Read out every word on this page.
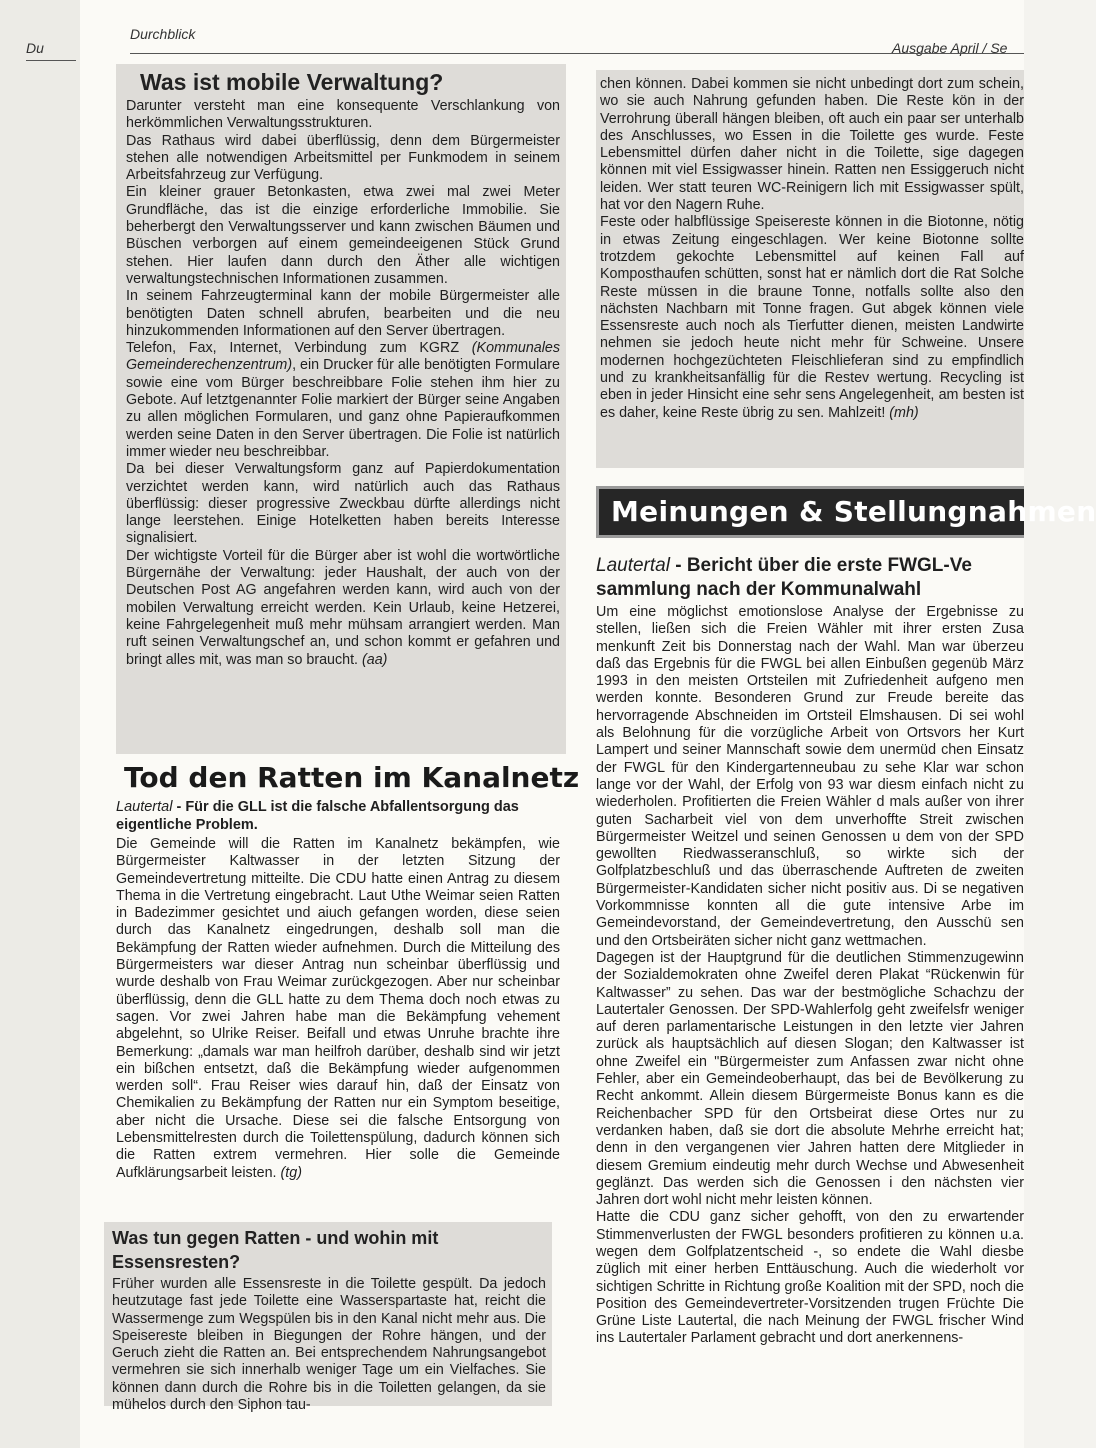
Du
Durchblick
Ausgabe April / Se
Was ist mobile Verwaltung?

Darunter versteht man eine konsequente Verschlankung von herkömmlichen Verwaltungsstrukturen.

Das Rathaus wird dabei überflüssig, denn dem Bürgermeister stehen alle notwendigen Arbeitsmittel per Funkmodem in seinem Arbeitsfahrzeug zur Verfügung.

Ein kleiner grauer Betonkasten, etwa zwei mal zwei Meter Grundfläche, das ist die einzige erforderliche Immobilie. Sie beherbergt den Verwaltungsserver und kann zwischen Bäumen und Büschen verborgen auf einem gemeindeeigenen Stück Grund stehen. Hier laufen dann durch den Äther alle wichtigen verwaltungstechnischen Informationen zusammen.

In seinem Fahrzeugterminal kann der mobile Bürgermeister alle benötigten Daten schnell abrufen, bearbeiten und die neu hinzukommenden Informationen auf den Server übertragen.

Telefon, Fax, Internet, Verbindung zum KGRZ (Kommunales Gemeinderechenzentrum), ein Drucker für alle benötigten Formulare sowie eine vom Bürger beschreibbare Folie stehen ihm hier zu Gebote. Auf letztgenannter Folie markiert der Bürger seine Angaben zu allen möglichen Formularen, und ganz ohne Papieraufkommen werden seine Daten in den Server übertragen. Die Folie ist natürlich immer wieder neu beschreibbar.

Da bei dieser Verwaltungsform ganz auf Papierdokumentation verzichtet werden kann, wird natürlich auch das Rathaus überflüssig: dieser progressive Zweckbau dürfte allerdings nicht lange leerstehen. Einige Hotelketten haben bereits Interesse signalisiert.

Der wichtigste Vorteil für die Bürger aber ist wohl die wortwörtliche Bürgernähe der Verwaltung: jeder Haushalt, der auch von der Deutschen Post AG angefahren werden kann, wird auch von der mobilen Verwaltung erreicht werden. Kein Urlaub, keine Hetzerei, keine Fahrgelegenheit muß mehr mühsam arrangiert werden. Man ruft seinen Verwaltungschef an, und schon kommt er gefahren und bringt alles mit, was man so braucht. (aa)

Tod den Ratten im Kanalnetz

Lautertal - Für die GLL ist die falsche Abfallentsorgung das eigentliche Problem.

Die Gemeinde will die Ratten im Kanalnetz bekämpfen, wie Bürgermeister Kaltwasser in der letzten Sitzung der Gemeindevertretung mitteilte. Die CDU hatte einen Antrag zu diesem Thema in die Vertretung eingebracht. Laut Uthe Weimar seien Ratten in Badezimmer gesichtet und aiuch gefangen worden, diese seien durch das Kanalnetz eingedrungen, deshalb soll man die Bekämpfung der Ratten wieder aufnehmen. Durch die Mitteilung des Bürgermeisters war dieser Antrag nun scheinbar überflüssig und wurde deshalb von Frau Weimar zurückgezogen. Aber nur scheinbar überflüssig, denn die GLL hatte zu dem Thema doch noch etwas zu sagen. Vor zwei Jahren habe man die Bekämpfung vehement abgelehnt, so Ulrike Reiser. Beifall und etwas Unruhe brachte ihre Bemerkung: „damals war man heilfroh darüber, deshalb sind wir jetzt ein bißchen entsetzt, daß die Bekämpfung wieder aufgenommen werden soll“. Frau Reiser wies darauf hin, daß der Einsatz von Chemikalien zu Bekämpfung der Ratten nur ein Symptom beseitige, aber nicht die Ursache. Diese sei die falsche Entsorgung von Lebensmittelresten durch die Toilettenspülung, dadurch können sich die Ratten extrem vermehren. Hier solle die Gemeinde Aufklärungsarbeit leisten. (tg)

Was tun gegen Ratten - und wohin mit Essensresten?

Früher wurden alle Essensreste in die Toilette gespült. Da jedoch heutzutage fast jede Toilette eine Wasserspartaste hat, reicht die Wassermenge zum Wegspülen bis in den Kanal nicht mehr aus. Die Speisereste bleiben in Biegungen der Rohre hängen, und der Geruch zieht die Ratten an. Bei entsprechendem Nahrungsangebot vermehren sie sich innerhalb weniger Tage um ein Vielfaches. Sie können dann durch die Rohre bis in die Toiletten gelangen, da sie mühelos durch den Siphon tau-

chen können. Dabei kommen sie nicht unbedingt dort zum schein, wo sie auch Nahrung gefunden haben. Die Reste kön in der Verrohrung überall hängen bleiben, oft auch ein paar ser unterhalb des Anschlusses, wo Essen in die Toilette ges wurde. Feste Lebensmittel dürfen daher nicht in die Toilette, sige dagegen können mit viel Essigwasser hinein. Ratten nen Essiggeruch nicht leiden. Wer statt teuren WC-Reinigern lich mit Essigwasser spült, hat vor den Nagern Ruhe.

Feste oder halbflüssige Speisereste können in die Biotonne, nötig in etwas Zeitung eingeschlagen. Wer keine Biotonne sollte trotzdem gekochte Lebensmittel auf keinen Fall auf Komposthaufen schütten, sonst hat er nämlich dort die Rat Solche Reste müssen in die braune Tonne, notfalls sollte also den nächsten Nachbarn mit Tonne fragen. Gut abgek können viele Essensreste auch noch als Tierfutter dienen, meisten Landwirte nehmen sie jedoch heute nicht mehr für Schweine. Unsere modernen hochgezüchteten Fleischlieferan sind zu empfindlich und zu krankheitsanfällig für die Restev wertung. Recycling ist eben in jeder Hinsicht eine sehr sens Angelegenheit, am besten ist es daher, keine Reste übrig zu sen. Mahlzeit! (mh)

Meinungen & Stellungnahmen
Lautertal - Bericht über die erste FWGL-Ve
sammlung nach der Kommunalwahl

Um eine möglichst emotionslose Analyse der Ergebnisse zu stellen, ließen sich die Freien Wähler mit ihrer ersten Zusa menkunft Zeit bis Donnerstag nach der Wahl. Man war überzeu daß das Ergebnis für die FWGL bei allen Einbußen gegenüb März 1993 in den meisten Ortsteilen mit Zufriedenheit aufgeno men werden konnte. Besonderen Grund zur Freude bereite das hervorragende Abschneiden im Ortsteil Elmshausen. Di sei wohl als Belohnung für die vorzügliche Arbeit von Ortsvors her Kurt Lampert und seiner Mannschaft sowie dem unermüd chen Einsatz der FWGL für den Kindergartenneubau zu sehe Klar war schon lange vor der Wahl, der Erfolg von 93 war diesm einfach nicht zu wiederholen. Profitierten die Freien Wähler d mals außer von ihrer guten Sacharbeit viel von dem unverhoffte Streit zwischen Bürgermeister Weitzel und seinen Genossen u dem von der SPD gewollten Riedwasseranschluß, so wirkte sich der Golfplatzbeschluß und das überraschende Auftreten de zweiten Bürgermeister-Kandidaten sicher nicht positiv aus. Di se negativen Vorkommnisse konnten all die gute intensive Arbe im Gemeindevorstand, der Gemeindevertretung, den Ausschü sen und den Ortsbeiräten sicher nicht ganz wettmachen.

Dagegen ist der Hauptgrund für die deutlichen Stimmenzugewinn der Sozialdemokraten ohne Zweifel deren Plakat “Rückenwin für Kaltwasser” zu sehen. Das war der bestmögliche Schachzu der Lautertaler Genossen. Der SPD-Wahlerfolg geht zweifelsfr weniger auf deren parlamentarische Leistungen in den letzte vier Jahren zurück als hauptsächlich auf diesen Slogan; den Kaltwasser ist ohne Zweifel ein "Bürgermeister zum Anfassen zwar nicht ohne Fehler, aber ein Gemeindeoberhaupt, das bei de Bevölkerung zu Recht ankommt. Allein diesem Bürgermeiste Bonus kann es die Reichenbacher SPD für den Ortsbeirat diese Ortes nur zu verdanken haben, daß sie dort die absolute Mehrhe erreicht hat; denn in den vergangenen vier Jahren hatten dere Mitglieder in diesem Gremium eindeutig mehr durch Wechse und Abwesenheit geglänzt. Das werden sich die Genossen i den nächsten vier Jahren dort wohl nicht mehr leisten können.

Hatte die CDU ganz sicher gehofft, von den zu erwartender Stimmenverlusten der FWGL besonders profitieren zu können u.a. wegen dem Golfplatzentscheid -, so endete die Wahl diesbe züglich mit einer herben Enttäuschung. Auch die wiederholt vor sichtigen Schritte in Richtung große Koalition mit der SPD, noch die Position des Gemeindevertreter-Vorsitzenden trugen Früchte Die Grüne Liste Lautertal, die nach Meinung der FWGL frischer Wind ins Lautertaler Parlament gebracht und dort anerkennens-
